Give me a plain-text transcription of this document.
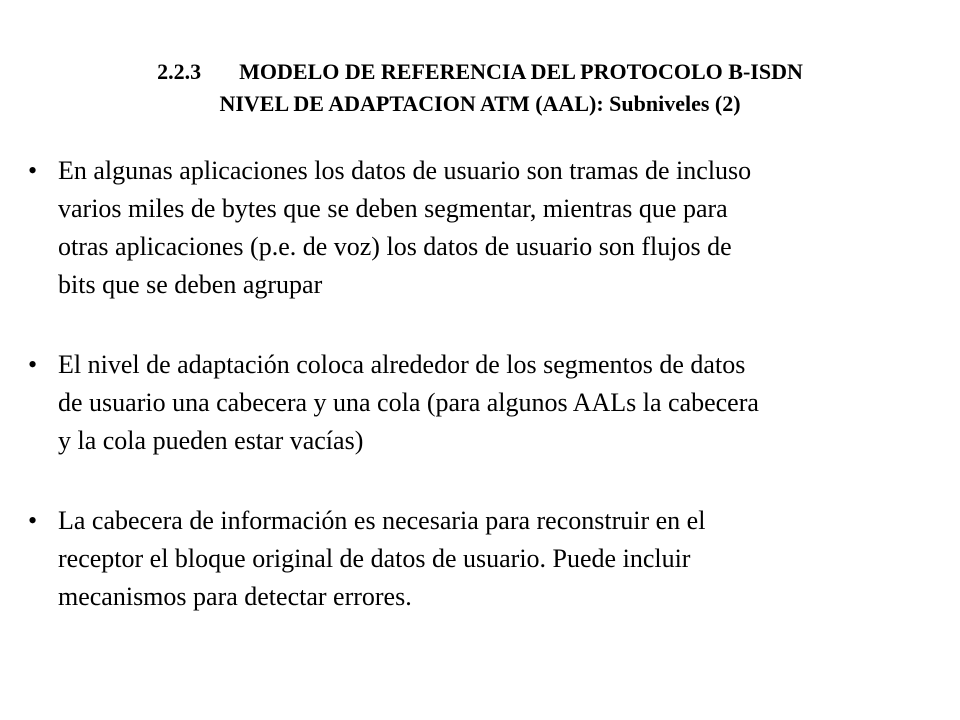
2.2.3 MODELO DE REFERENCIA DEL PROTOCOLO B-ISDN
NIVEL DE ADAPTACION ATM (AAL): Subniveles (2)
• En algunas aplicaciones los datos de usuario son tramas de incluso
varios miles de bytes que se deben segmentar, mientras que para
otras aplicaciones (p.e. de voz) los datos de usuario son flujos de
bits que se deben agrupar
• El nivel de adaptación coloca alrededor de los segmentos de datos
de usuario una cabecera y una cola (para algunos AALs la cabecera
y la cola pueden estar vacías)
• La cabecera de información es necesaria para reconstruir en el
receptor el bloque original de datos de usuario. Puede incluir
mecanismos para detectar errores.
